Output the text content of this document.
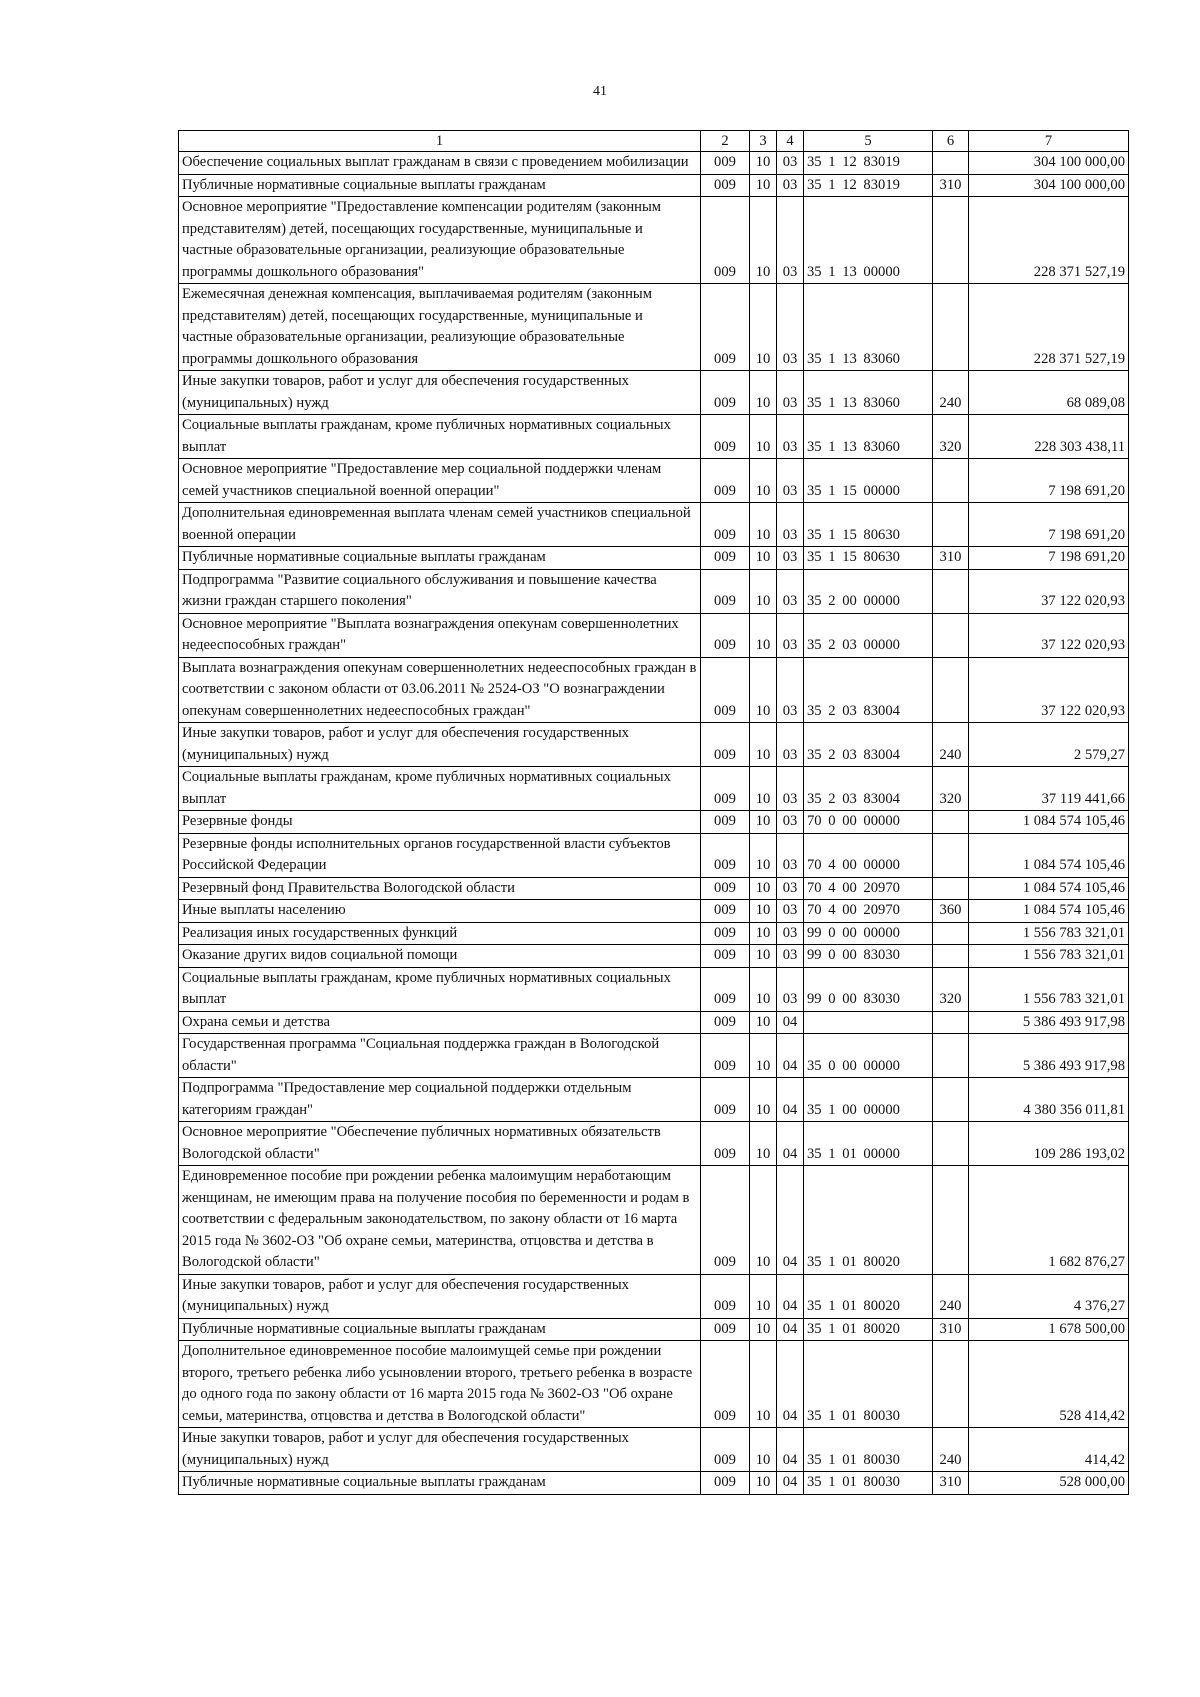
41
1	2	3	4	5	6	7
Обеспечение социальных выплат гражданам в связи с проведением мобилизации	009	10	03	35 1 12 83019		304 100 000,00
Публичные нормативные социальные выплаты гражданам	009	10	03	35 1 12 83019	310	304 100 000,00
Основное мероприятие "Предоставление компенсации родителям (законным представителям) детей, посещающих государственные, муниципальные и частные образовательные организации, реализующие образовательные программы дошкольного образования"	009	10	03	35 1 13 00000		228 371 527,19
Ежемесячная денежная компенсация, выплачиваемая родителям (законным представителям) детей, посещающих государственные, муниципальные и частные образовательные организации, реализующие образовательные программы дошкольного образования	009	10	03	35 1 13 83060		228 371 527,19
Иные закупки товаров, работ и услуг для обеспечения государственных (муниципальных) нужд	009	10	03	35 1 13 83060	240	68 089,08
Социальные выплаты гражданам, кроме публичных нормативных социальных выплат	009	10	03	35 1 13 83060	320	228 303 438,11
Основное мероприятие "Предоставление мер социальной поддержки членам семей участников специальной военной операции"	009	10	03	35 1 15 00000		7 198 691,20
Дополнительная единовременная выплата членам семей участников специальной военной операции	009	10	03	35 1 15 80630		7 198 691,20
Публичные нормативные социальные выплаты гражданам	009	10	03	35 1 15 80630	310	7 198 691,20
Подпрограмма "Развитие социального обслуживания и повышение качества жизни граждан старшего поколения"	009	10	03	35 2 00 00000		37 122 020,93
Основное мероприятие "Выплата вознаграждения опекунам совершеннолетних недееспособных граждан"	009	10	03	35 2 03 00000		37 122 020,93
Выплата вознаграждения опекунам совершеннолетних недееспособных граждан в соответствии с законом области от 03.06.2011 № 2524-ОЗ "О вознаграждении опекунам совершеннолетних недееспособных граждан"	009	10	03	35 2 03 83004		37 122 020,93
Иные закупки товаров, работ и услуг для обеспечения государственных (муниципальных) нужд	009	10	03	35 2 03 83004	240	2 579,27
Социальные выплаты гражданам, кроме публичных нормативных социальных выплат	009	10	03	35 2 03 83004	320	37 119 441,66
Резервные фонды	009	10	03	70 0 00 00000		1 084 574 105,46
Резервные фонды исполнительных органов государственной власти субъектов Российской Федерации	009	10	03	70 4 00 00000		1 084 574 105,46
Резервный фонд Правительства Вологодской области	009	10	03	70 4 00 20970		1 084 574 105,46
Иные выплаты населению	009	10	03	70 4 00 20970	360	1 084 574 105,46
Реализация иных государственных функций	009	10	03	99 0 00 00000		1 556 783 321,01
Оказание других видов социальной помощи	009	10	03	99 0 00 83030		1 556 783 321,01
Социальные выплаты гражданам, кроме публичных нормативных социальных выплат	009	10	03	99 0 00 83030	320	1 556 783 321,01
Охрана семьи и детства	009	10	04			5 386 493 917,98
Государственная программа "Социальная поддержка граждан в Вологодской области"	009	10	04	35 0 00 00000		5 386 493 917,98
Подпрограмма "Предоставление мер социальной поддержки отдельным категориям граждан"	009	10	04	35 1 00 00000		4 380 356 011,81
Основное мероприятие "Обеспечение публичных нормативных обязательств Вологодской области"	009	10	04	35 1 01 00000		109 286 193,02
Единовременное пособие при рождении ребенка малоимущим неработающим женщинам, не имеющим права на получение пособия по беременности и родам в соответствии с федеральным законодательством, по закону области от 16 марта 2015 года № 3602-ОЗ "Об охране семьи, материнства, отцовства и детства в Вологодской области"	009	10	04	35 1 01 80020		1 682 876,27
Иные закупки товаров, работ и услуг для обеспечения государственных (муниципальных) нужд	009	10	04	35 1 01 80020	240	4 376,27
Публичные нормативные социальные выплаты гражданам	009	10	04	35 1 01 80020	310	1 678 500,00
Дополнительное единовременное пособие малоимущей семье при рождении второго, третьего ребенка либо усыновлении второго, третьего ребенка в возрасте до одного года по закону области от 16 марта 2015 года № 3602-ОЗ "Об охране семьи, материнства, отцовства и детства в Вологодской области"	009	10	04	35 1 01 80030		528 414,42
Иные закупки товаров, работ и услуг для обеспечения государственных (муниципальных) нужд	009	10	04	35 1 01 80030	240	414,42
Публичные нормативные социальные выплаты гражданам	009	10	04	35 1 01 80030	310	528 000,00
